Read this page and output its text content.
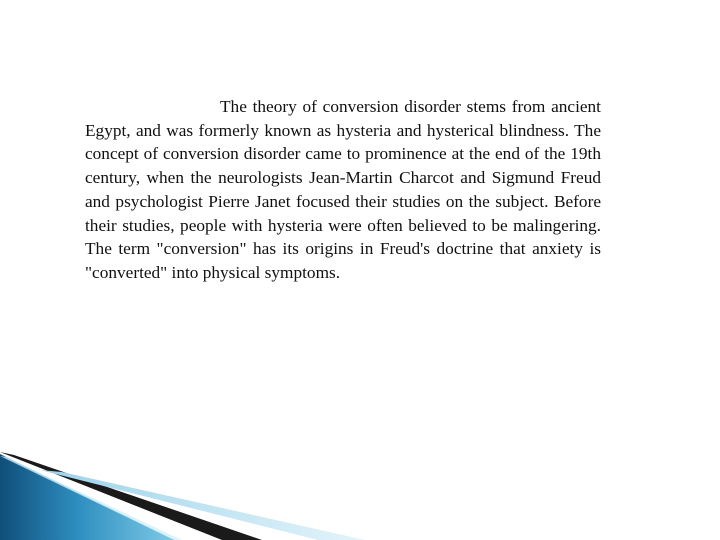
The theory of conversion disorder stems from ancient Egypt, and was formerly known as hysteria and hysterical blindness. The concept of conversion disorder came to prominence at the end of the 19th century, when the neurologists Jean-Martin Charcot and Sigmund Freud and psychologist Pierre Janet focused their studies on the subject. Before their studies, people with hysteria were often believed to be malingering. The term "conversion" has its origins in Freud's doctrine that anxiety is "converted" into physical symptoms.
